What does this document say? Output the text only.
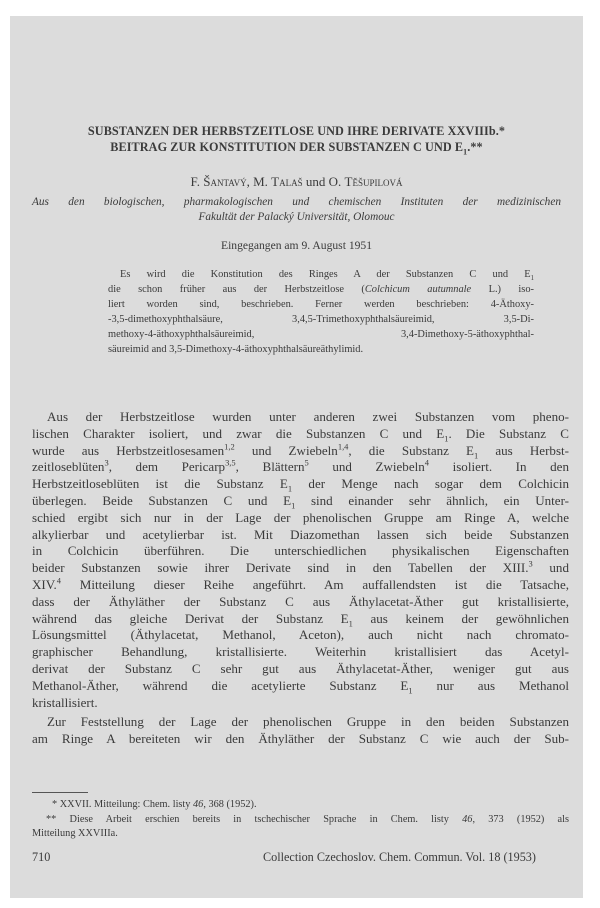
SUBSTANZEN DER HERBSTZEITLOSE UND IHRE DERIVATE XXVIIIb.*
BEITRAG ZUR KONSTITUTION DER SUBSTANZEN C UND $E_1.**$
F. Šantavý, M. Talaš und O. Těšupilová
Aus den biologischen, pharmakologischen und chemischen Instituten der medizinischen
Fakultät der Palacký Universität, Olomouc
Eingegangen am 9. August 1951
Es wird die Konstitution des Ringes A der Substanzen C und $E_1$
die schon früher aus der Herbstzeitlose (Colchicum autumnale L.) iso-
liert worden sind, beschrieben. Ferner werden beschrieben: 4-Äthoxy-
-3,5-dimethoxyphthalsäure, 3,4,5-Trimethoxyphthalsäureimid, 3,5-Di-
methoxy-4-äthoxyphthalsäureimid, 3,4-Dimethoxy-5-äthoxyphthal-
säureimid and 3,5-Dimethoxy-4-äthoxyphthalsäureäthylimid.
Aus der Herbstzeitlose wurden unter anderen zwei Substanzen vom pheno-
lischen Charakter isoliert, und zwar die Substanzen C und $E_1$. Die Substanz C
wurde aus Herbstzeitlosesamen$^{1,2}$ und Zwiebeln$^{1,4}$, die Substanz $E_1$ aus Herbst-
zeitloseblüten$^3$, dem Pericarp$^{3,5}$, Blättern$^5$ und Zwiebeln$^4$ isoliert. In den
Herbstzeitloseblüten ist die Substanz $E_1$ der Menge nach sogar dem Colchicin
überlegen. Beide Substanzen C und $E_1$ sind einander sehr ähnlich, ein Unter-
schied ergibt sich nur in der Lage der phenolischen Gruppe am Ringe A, welche
alkylierbar und acetylierbar ist. Mit Diazomethan lassen sich beide Substanzen
in Colchicin überführen. Die unterschiedlichen physikalischen Eigenschaften
beider Substanzen sowie ihrer Derivate sind in den Tabellen der XIII.$^3$ und
XIV.$^4$ Mitteilung dieser Reihe angeführt. Am auffallendsten ist die Tatsache,
dass der Äthyläther der Substanz C aus Äthylacetat-Äther gut kristallisierte,
während das gleiche Derivat der Substanz $E_1$ aus keinem der gewöhnlichen
Lösungsmittel (Äthylacetat, Methanol, Aceton), auch nicht nach chromato-
graphischer Behandlung, kristallisierte. Weiterhin kristallisiert das Acetyl-
derivat der Substanz C sehr gut aus Äthylacetat-Äther, weniger gut aus
Methanol-Äther, während die acetylierte Substanz $E_1$ nur aus Methanol
kristallisiert.
Zur Feststellung der Lage der phenolischen Gruppe in den beiden Substanzen
am Ringe A bereiteten wir den Äthyläther der Substanz C wie auch der Sub-
* XXVII. Mitteilung: Chem. listy 46, 368 (1952).
** Diese Arbeit erschien bereits in tschechischer Sprache in Chem. listy 46, 373 (1952) als
Mitteilung XXVIIIa.
710	Collection Czechoslov. Chem. Commun. Vol. 18 (1953)
